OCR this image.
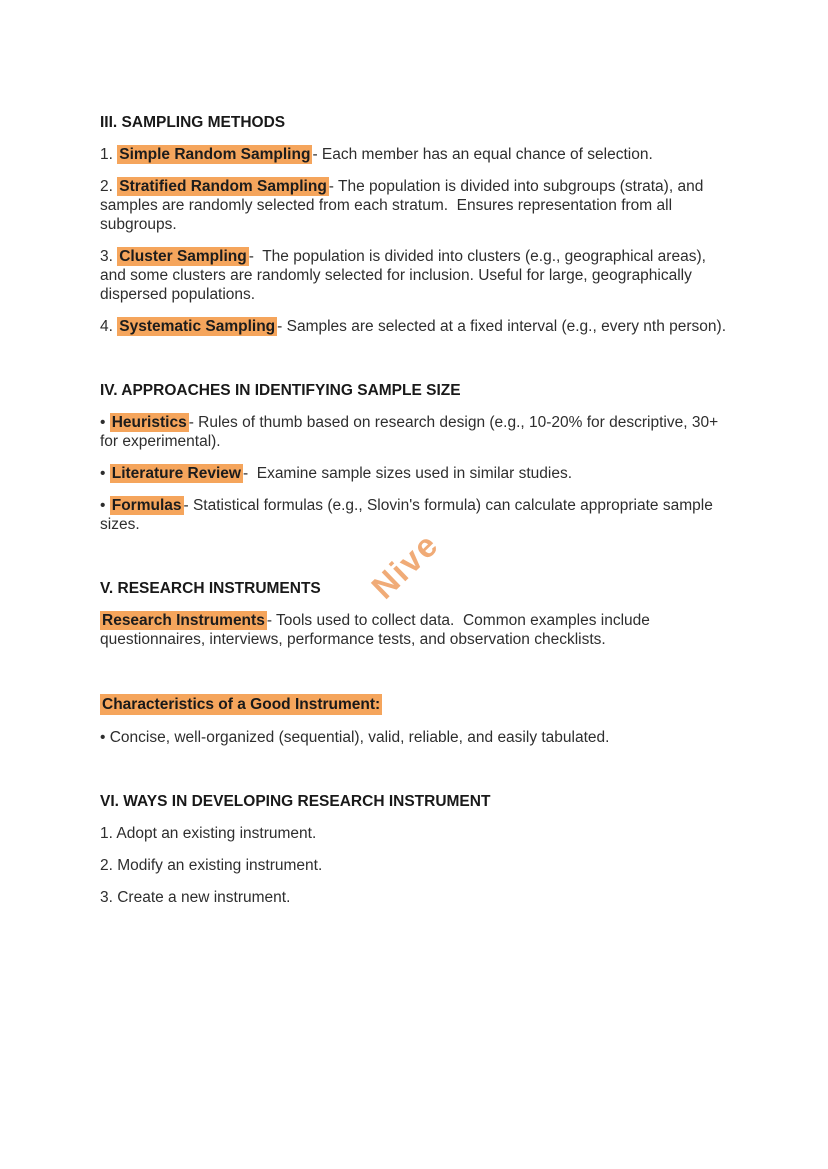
Nive
III. SAMPLING METHODS

1. Simple Random Sampling - Each member has an equal chance of selection.

2. Stratified Random Sampling - The population is divided into subgroups (strata), and samples are randomly selected from each stratum.  Ensures representation from all subgroups.

3. Cluster Sampling -  The population is divided into clusters (e.g., geographical areas), and some clusters are randomly selected for inclusion. Useful for large, geographically dispersed populations.

4. Systematic Sampling - Samples are selected at a fixed interval (e.g., every nth person).

IV. APPROACHES IN IDENTIFYING SAMPLE SIZE

• Heuristics - Rules of thumb based on research design (e.g., 10-20% for descriptive, 30+ for experimental).

• Literature Review -  Examine sample sizes used in similar studies.

• Formulas - Statistical formulas (e.g., Slovin's formula) can calculate appropriate sample sizes.

V. RESEARCH INSTRUMENTS

Research Instruments - Tools used to collect data.  Common examples include questionnaires, interviews, performance tests, and observation checklists.

Characteristics of a Good Instrument:

• Concise, well-organized (sequential), valid, reliable, and easily tabulated.

VI. WAYS IN DEVELOPING RESEARCH INSTRUMENT

1. Adopt an existing instrument.

2. Modify an existing instrument.

3. Create a new instrument.
